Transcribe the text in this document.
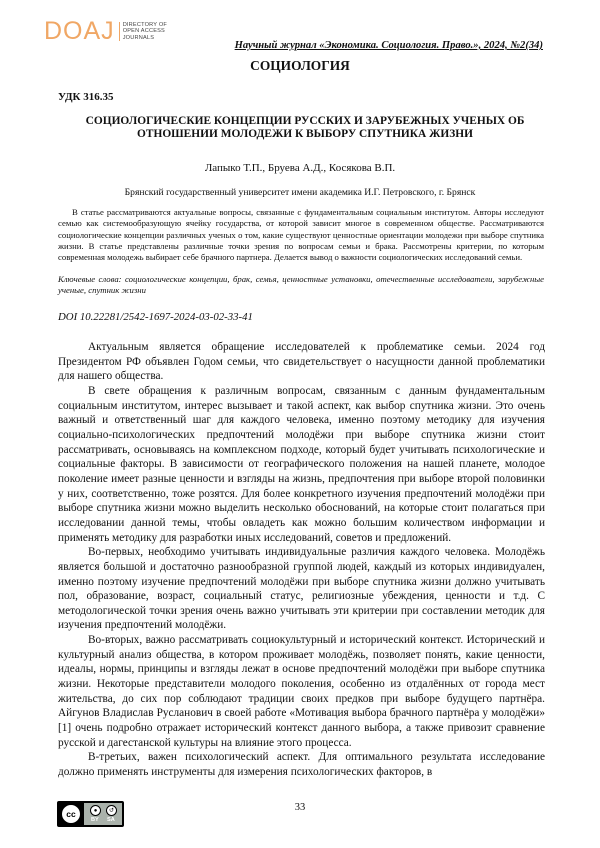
DOAJ DIRECTORY OF
OPEN ACCESS
JOURNALS
Научный журнал «Экономика. Социология. Право.», 2024, №2(34)
СОЦИОЛОГИЯ
УДК 316.35
СОЦИОЛОГИЧЕСКИЕ КОНЦЕПЦИИ РУССКИХ И ЗАРУБЕЖНЫХ УЧЕНЫХ ОБ ОТНОШЕНИИ МОЛОДЕЖИ К ВЫБОРУ СПУТНИКА ЖИЗНИ
Лапыко Т.П., Бруева А.Д., Косякова В.П.
Брянский государственный университет имени академика И.Г. Петровского, г. Брянск

В статье рассматриваются актуальные вопросы, связанные с фундаментальным социальным институтом. Авторы исследуют семью как системообразующую ячейку государства, от которой зависит многое в современном обществе. Рассматриваются социологические концепции различных ученых о том, какие существуют ценностные ориентации молодежи при выборе спутника жизни. В статье представлены различные точки зрения по вопросам семьи и брака. Рассмотрены критерии, по которым современная молодежь выбирает себе брачного партнера. Делается вывод о важности социологических исследований семьи.

Ключевые слова: социологические концепции, брак, семья, ценностные установки, отечественные исследователи, зарубежные ученые, спутник жизни

DOI 10.22281/2542-1697-2024-03-02-33-41

Актуальным является обращение исследователей к проблематике семьи. 2024 год Президентом РФ объявлен Годом семьи, что свидетельствует о насущности данной проблематики для нашего общества.

В свете обращения к различным вопросам, связанным с данным фундаментальным социальным институтом, интерес вызывает и такой аспект, как выбор спутника жизни. Это очень важный и ответственный шаг для каждого человека, именно поэтому методику для изучения социально-психологических предпочтений молодёжи при выборе спутника жизни стоит рассматривать, основываясь на комплексном подходе, который будет учитывать психологические и социальные факторы. В зависимости от географического положения на нашей планете, молодое поколение имеет разные ценности и взгляды на жизнь, предпочтения при выборе второй половинки у них, соответственно, тоже розятся. Для более конкретного изучения предпочтений молодёжи при выборе спутника жизни можно выделить несколько обоснований, на которые стоит полагаться при исследовании данной темы, чтобы овладеть как можно большим количеством информации и применять методику для разработки иных исследований, советов и предложений.

Во-первых, необходимо учитывать индивидуальные различия каждого человека. Молодёжь является большой и достаточно разнообразной группой людей, каждый из которых индивидуален, именно поэтому изучение предпочтений молодёжи при выборе спутника жизни должно учитывать пол, образование, возраст, социальный статус, религиозные убеждения, ценности и т.д. С методологической точки зрения очень важно учитывать эти критерии при составлении методик для изучения предпочтений молодёжи.

Во-вторых, важно рассматривать социокультурный и исторический контекст. Исторический и культурный анализ общества, в котором проживает молодёжь, позволяет понять, какие ценности, идеалы, нормы, принципы и взгляды лежат в основе предпочтений молодёжи при выборе спутника жизни. Некоторые представители молодого поколения, особенно из отдалённых от города мест жительства, до сих пор соблюдают традиции своих предков при выборе будущего партнёра. Айгунов Владислав Русланович в своей работе «Мотивация выбора брачного партнёра у молодёжи» [1] очень подробно отражает исторический контекст данного выбора, а также привозит сравнение русской и дагестанской культуры на влияние этого процесса.

В-третьих, важен психологический аспект. Для оптимального результата исследование должно применять инструменты для измерения психологических факторов, в

cc	●	↺
BY SA
33
